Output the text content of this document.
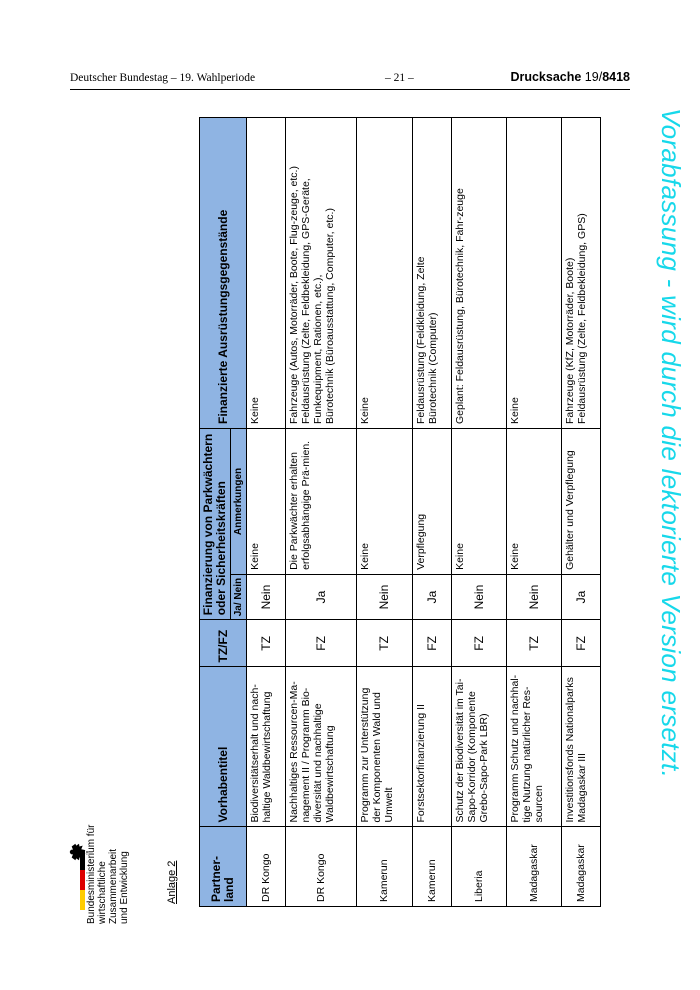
Deutscher Bundestag – 19. Wahlperiode	– 21 –	Drucksache 19/8418
Vorabfassung - wird durch die lektorierte Version ersetzt.
Bundesministerium für wirtschaftliche Zusammenarbeit und Entwicklung	Anlage 2	Partner-land	Vorhabentitel	TZ/FZ	Finanzierung von Parkwächtern oder Sicherheitskräften		Finanzierte Ausrüstungsgegenstände
			Ja/ Nein	Anmerkungen	
DR Kongo	Biodiversitätserhalt und nach-haltige Waldbewirtschaftung	TZ	Nein	Keine	Keine

DR Kongo	Nachhaltiges Ressourcen-Ma-nagement II / Programm Bio-diversität und nachhaltige Waldbewirtschaftung	FZ	Ja	Die Parkwächter erhalten erfolgsabhängige Prä-mien.	Fahrzeuge (Autos, Motorräder, Boote, Flug-zeuge, etc.) Feldausrüstung (Zelte, Feldbekleidung, GPS-Geräte, Funkequipment, Rationen, etc.), Bürotechnik (Büroausstattung, Computer, etc.)

Kamerun	Programm zur Unterstützung der Komponenten Wald und Umwelt	TZ	Nein	Keine	Keine

Kamerun	Forstsektorfinanzierung II	FZ	Ja	Verpflegung	Feldausrüstung (Feldkleidung, Zelte Bürotechnik (Computer)

Liberia	Schutz der Biodiversität im Tai-Sapo-Korridor (Komponente Grebo-Sapo-Park LBR)	FZ	Nein	Keine	Geplant: Feldausrüstung, Bürotechnik, Fahr-zeuge

Madagaskar	Programm Schutz und nachhal-tige Nutzung natürlicher Res-sourcen	TZ	Nein	Keine	Keine

Madagaskar	Investitionsfonds Nationalparks Madagaskar III	FZ	Ja	Gehälter und Verpflegung	Fahrzeuge (KfZ, Motorräder, Boote) Feldausrüstung (Zelte, Feldbekleidung, GPS)
